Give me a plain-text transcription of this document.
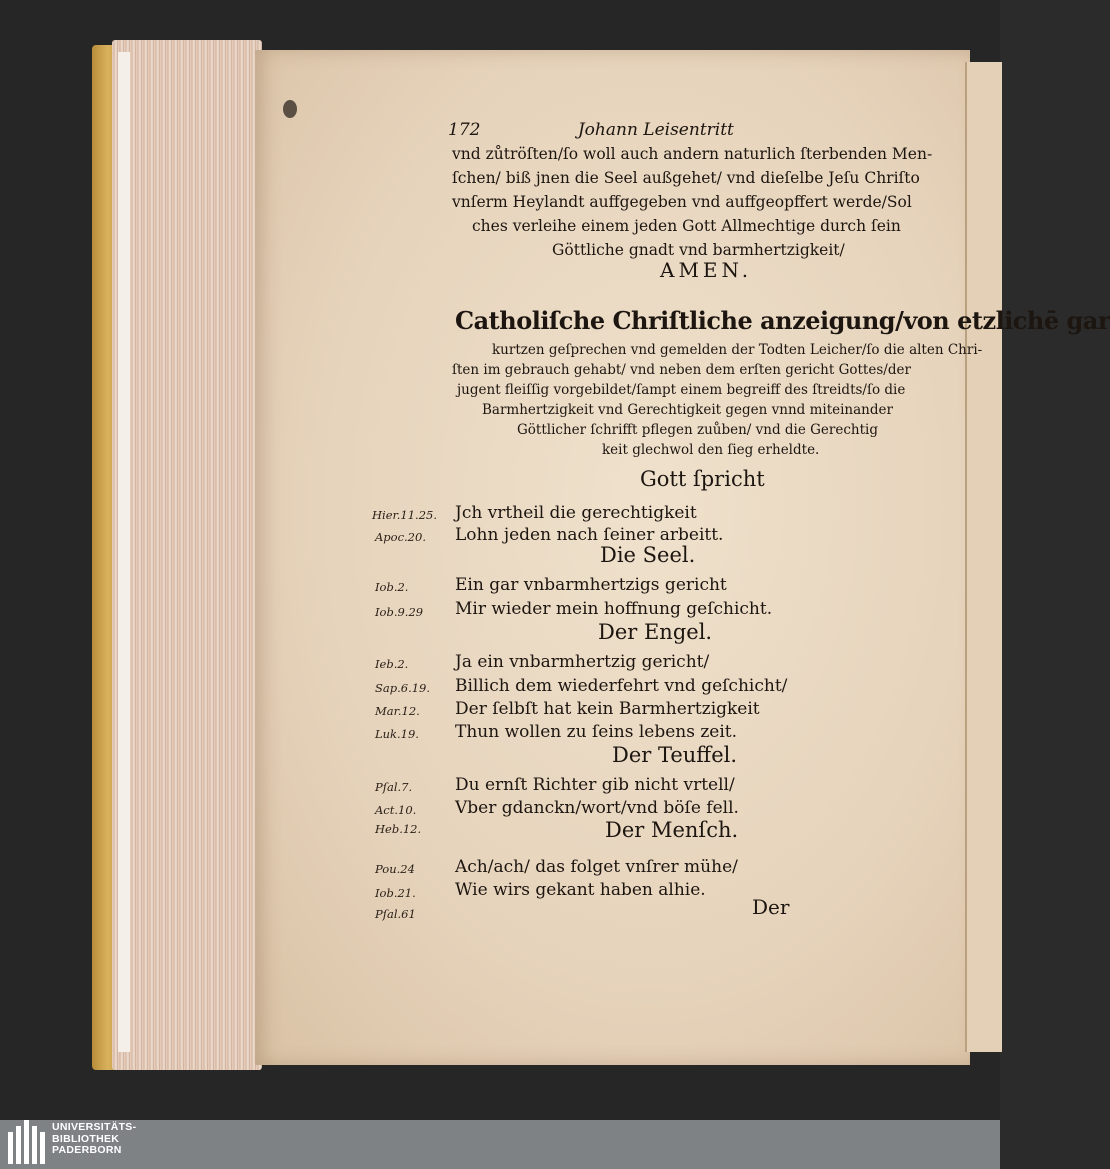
172	Johann Leisentritt
vnd zůtröſten/ſo woll auch andern naturlich ſterbenden Men-
ſchen/ biß jnen die Seel außgehet/ vnd dieſelbe Jeſu Chriſto
vnſerm Heylandt auffgegeben vnd auffgeopffert werde/Sol
ches verleihe einem jeden Gott Allmechtige durch ſein
Göttliche gnadt vnd barmhertzigkeit/
AMEN.
Catholiſche Chriſtliche anzeigung/von etzlichē gar
kurtzen geſprechen vnd gemelden der Todten Leicher/ſo die alten Chri-
ſten im gebrauch gehabt/ vnd neben dem erſten gericht Gottes/der
jugent fleiſſig vorgebildet/ſampt einem begreiff des ſtreidts/ſo die
Barmhertzigkeit vnd Gerechtigkeit gegen vnnd miteinander
Göttlicher ſchrifft pflegen zuůben/ vnd die Gerechtig
keit glechwol den ſieg erheldte.
Gott ſpricht
Hier.11.25. Jch vrtheil die gerechtigkeit
Apoc.20. Lohn jeden nach ſeiner arbeitt.
Die Seel.
Iob.2.	Ein gar vnbarmhertzigs gericht
Iob.9.29 Mir wieder mein hoffnung geſchicht.
Der Engel.
Ieb.2.	Ja ein vnbarmhertzig gericht/
Sap.6.19. Billich dem wiederfehrt vnd geſchicht/
Mar.12. Der ſelbſt hat kein Barmhertzigkeit
Luk.19. Thun wollen zu ſeins lebens zeit.
Der Teuffel.
Pſal.7.	Du ernſt Richter gib nicht vrtell/
Act.10. Vber gdanckn/wort/vnd böſe fell.
Heb.12.	Der Menſch.
Pou.24 Ach/ach/ das folget vnſrer mühe/
Iob.21. Wie wirs gekant haben alhie.
Pſal.61	Der
UNIVERSITÄTS-
BIBLIOTHEK
PADERBORN
